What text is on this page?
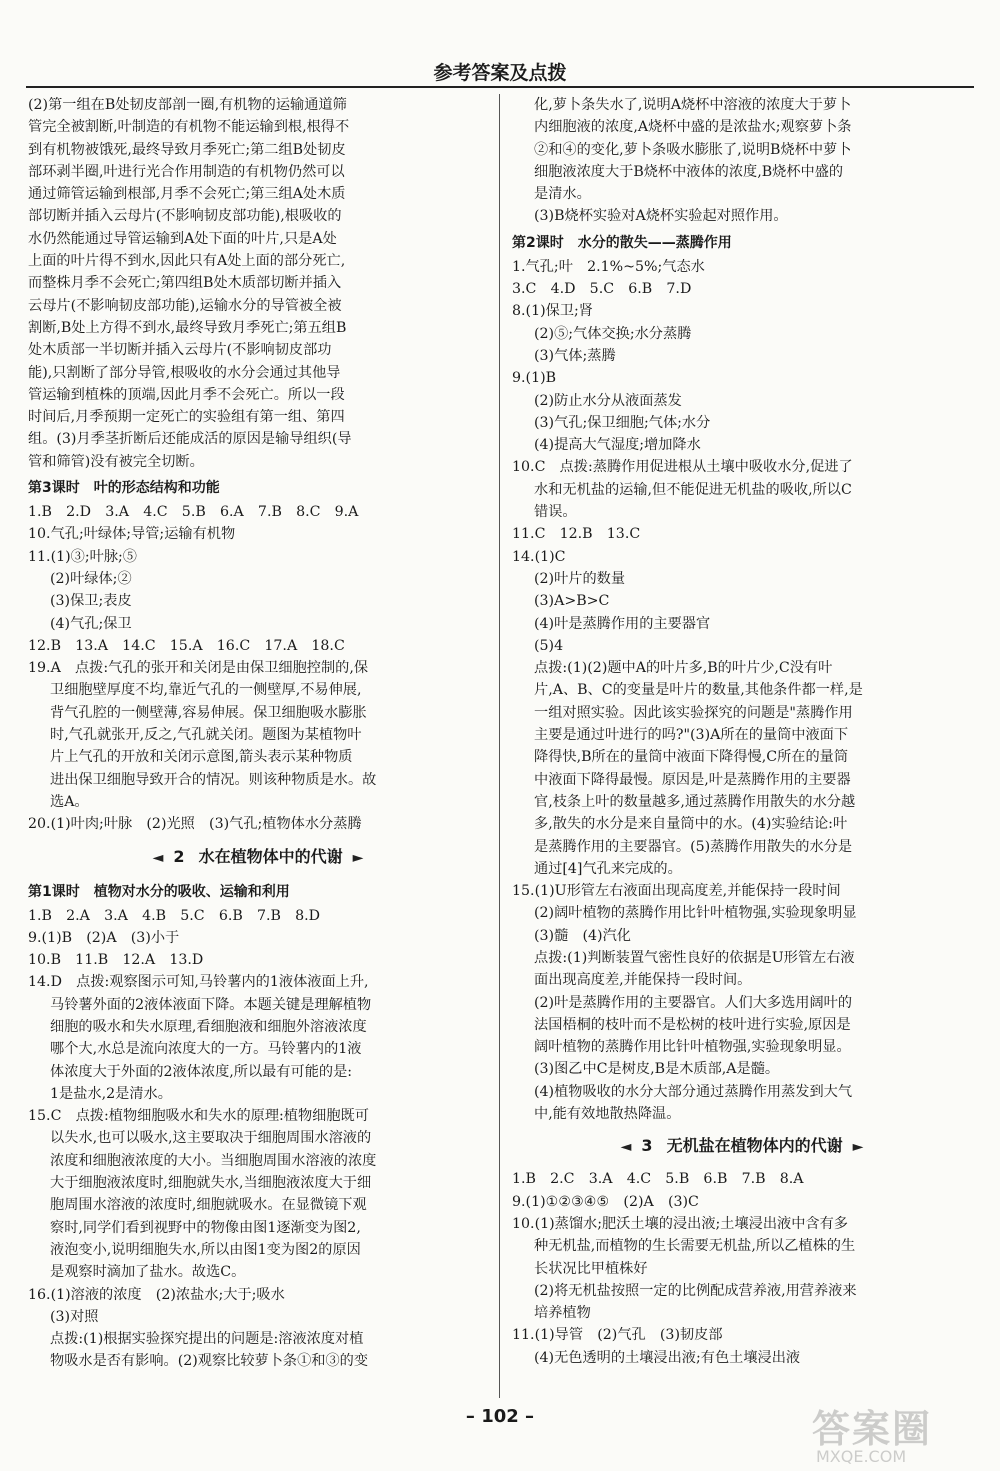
参考答案及点拨
(2)第一组在B处韧皮部剖一圈,有机物的运输通道筛
管完全被割断,叶制造的有机物不能运输到根,根得不
到有机物被饿死,最终导致月季死亡;第二组B处韧皮
部环剥半圈,叶进行光合作用制造的有机物仍然可以
通过筛管运输到根部,月季不会死亡;第三组A处木质
部切断并插入云母片(不影响韧皮部功能),根吸收的
水仍然能通过导管运输到A处下面的叶片,只是A处
上面的叶片得不到水,因此只有A处上面的部分死亡,
而整株月季不会死亡;第四组B处木质部切断并插入
云母片(不影响韧皮部功能),运输水分的导管被全被
割断,B处上方得不到水,最终导致月季死亡;第五组B
处木质部一半切断并插入云母片(不影响韧皮部功
能),只割断了部分导管,根吸收的水分会通过其他导
管运输到植株的顶端,因此月季不会死亡。所以一段
时间后,月季预期一定死亡的实验组有第一组、第四
组。(3)月季茎折断后还能成活的原因是输导组织(导
管和筛管)没有被完全切断。
第3课时　叶的形态结构和功能
1.B　2.D　3.A　4.C　5.B　6.A　7.B　8.C　9.A
10.气孔;叶绿体;导管;运输有机物
11.(1)③;叶脉;⑤
(2)叶绿体;②
(3)保卫;表皮
(4)气孔;保卫
12.B　13.A　14.C　15.A　16.C　17.A　18.C
19.A　点拨:气孔的张开和关闭是由保卫细胞控制的,保
卫细胞壁厚度不均,靠近气孔的一侧壁厚,不易伸展,
背气孔腔的一侧壁薄,容易伸展。保卫细胞吸水膨胀
时,气孔就张开,反之,气孔就关闭。题图为某植物叶
片上气孔的开放和关闭示意图,箭头表示某种物质
进出保卫细胞导致开合的情况。则该种物质是水。故
选A。
20.(1)叶肉;叶脉　(2)光照　(3)气孔;植物体水分蒸腾
◄ 2 水在植物体中的代谢 ►
第1课时　植物对水分的吸收、运输和利用
1.B　2.A　3.A　4.B　5.C　6.B　7.B　8.D
9.(1)B　(2)A　(3)小于
10.B　11.B　12.A　13.D
14.D　点拨:观察图示可知,马铃薯内的1液体液面上升,
马铃薯外面的2液体液面下降。本题关键是理解植物
细胞的吸水和失水原理,看细胞液和细胞外溶液浓度
哪个大,水总是流向浓度大的一方。马铃薯内的1液
体浓度大于外面的2液体浓度,所以最有可能的是:
1是盐水,2是清水。
15.C　点拨:植物细胞吸水和失水的原理:植物细胞既可
以失水,也可以吸水,这主要取决于细胞周围水溶液的
浓度和细胞液浓度的大小。当细胞周围水溶液的浓度
大于细胞液浓度时,细胞就失水,当细胞液浓度大于细
胞周围水溶液的浓度时,细胞就吸水。在显微镜下观
察时,同学们看到视野中的物像由图1逐渐变为图2,
液泡变小,说明细胞失水,所以由图1变为图2的原因
是观察时滴加了盐水。故选C。
16.(1)溶液的浓度　(2)浓盐水;大于;吸水
(3)对照
点拨:(1)根据实验探究提出的问题是:溶液浓度对植
物吸水是否有影响。(2)观察比较萝卜条①和③的变
化,萝卜条失水了,说明A烧杯中溶液的浓度大于萝卜
内细胞液的浓度,A烧杯中盛的是浓盐水;观察萝卜条
②和④的变化,萝卜条吸水膨胀了,说明B烧杯中萝卜
细胞液浓度大于B烧杯中液体的浓度,B烧杯中盛的
是清水。
(3)B烧杯实验对A烧杯实验起对照作用。
第2课时　水分的散失——蒸腾作用
1.气孔;叶　2.1%~5%;气态水
3.C　4.D　5.C　6.B　7.D
8.(1)保卫;肾
(2)⑤;气体交换;水分蒸腾
(3)气体;蒸腾
9.(1)B
(2)防止水分从液面蒸发
(3)气孔;保卫细胞;气体;水分
(4)提高大气湿度;增加降水
10.C　点拨:蒸腾作用促进根从土壤中吸收水分,促进了
水和无机盐的运输,但不能促进无机盐的吸收,所以C
错误。
11.C　12.B　13.C
14.(1)C
(2)叶片的数量
(3)A>B>C
(4)叶是蒸腾作用的主要器官
(5)4
点拨:(1)(2)题中A的叶片多,B的叶片少,C没有叶
片,A、B、C的变量是叶片的数量,其他条件都一样,是
一组对照实验。因此该实验探究的问题是"蒸腾作用
主要是通过叶进行的吗?"(3)A所在的量筒中液面下
降得快,B所在的量筒中液面下降得慢,C所在的量筒
中液面下降得最慢。原因是,叶是蒸腾作用的主要器
官,枝条上叶的数量越多,通过蒸腾作用散失的水分越
多,散失的水分是来自量筒中的水。(4)实验结论:叶
是蒸腾作用的主要器官。(5)蒸腾作用散失的水分是
通过[4]气孔来完成的。
15.(1)U形管左右液面出现高度差,并能保持一段时间
(2)阔叶植物的蒸腾作用比针叶植物强,实验现象明显
(3)髓　(4)汽化
点拨:(1)判断装置气密性良好的依据是U形管左右液
面出现高度差,并能保持一段时间。
(2)叶是蒸腾作用的主要器官。人们大多选用阔叶的
法国梧桐的枝叶而不是松树的枝叶进行实验,原因是
阔叶植物的蒸腾作用比针叶植物强,实验现象明显。
(3)图乙中C是树皮,B是木质部,A是髓。
(4)植物吸收的水分大部分通过蒸腾作用蒸发到大气
中,能有效地散热降温。
◄ 3 无机盐在植物体内的代谢 ►
1.B　2.C　3.A　4.C　5.B　6.B　7.B　8.A
9.(1)①②③④⑤　(2)A　(3)C
10.(1)蒸馏水;肥沃土壤的浸出液;土壤浸出液中含有多
种无机盐,而植物的生长需要无机盐,所以乙植株的生
长状况比甲植株好
(2)将无机盐按照一定的比例配成营养液,用营养液来
培养植物
11.(1)导管　(2)气孔　(3)韧皮部
(4)无色透明的土壤浸出液;有色土壤浸出液
– 102 –	答案圈
MXQE.COM
